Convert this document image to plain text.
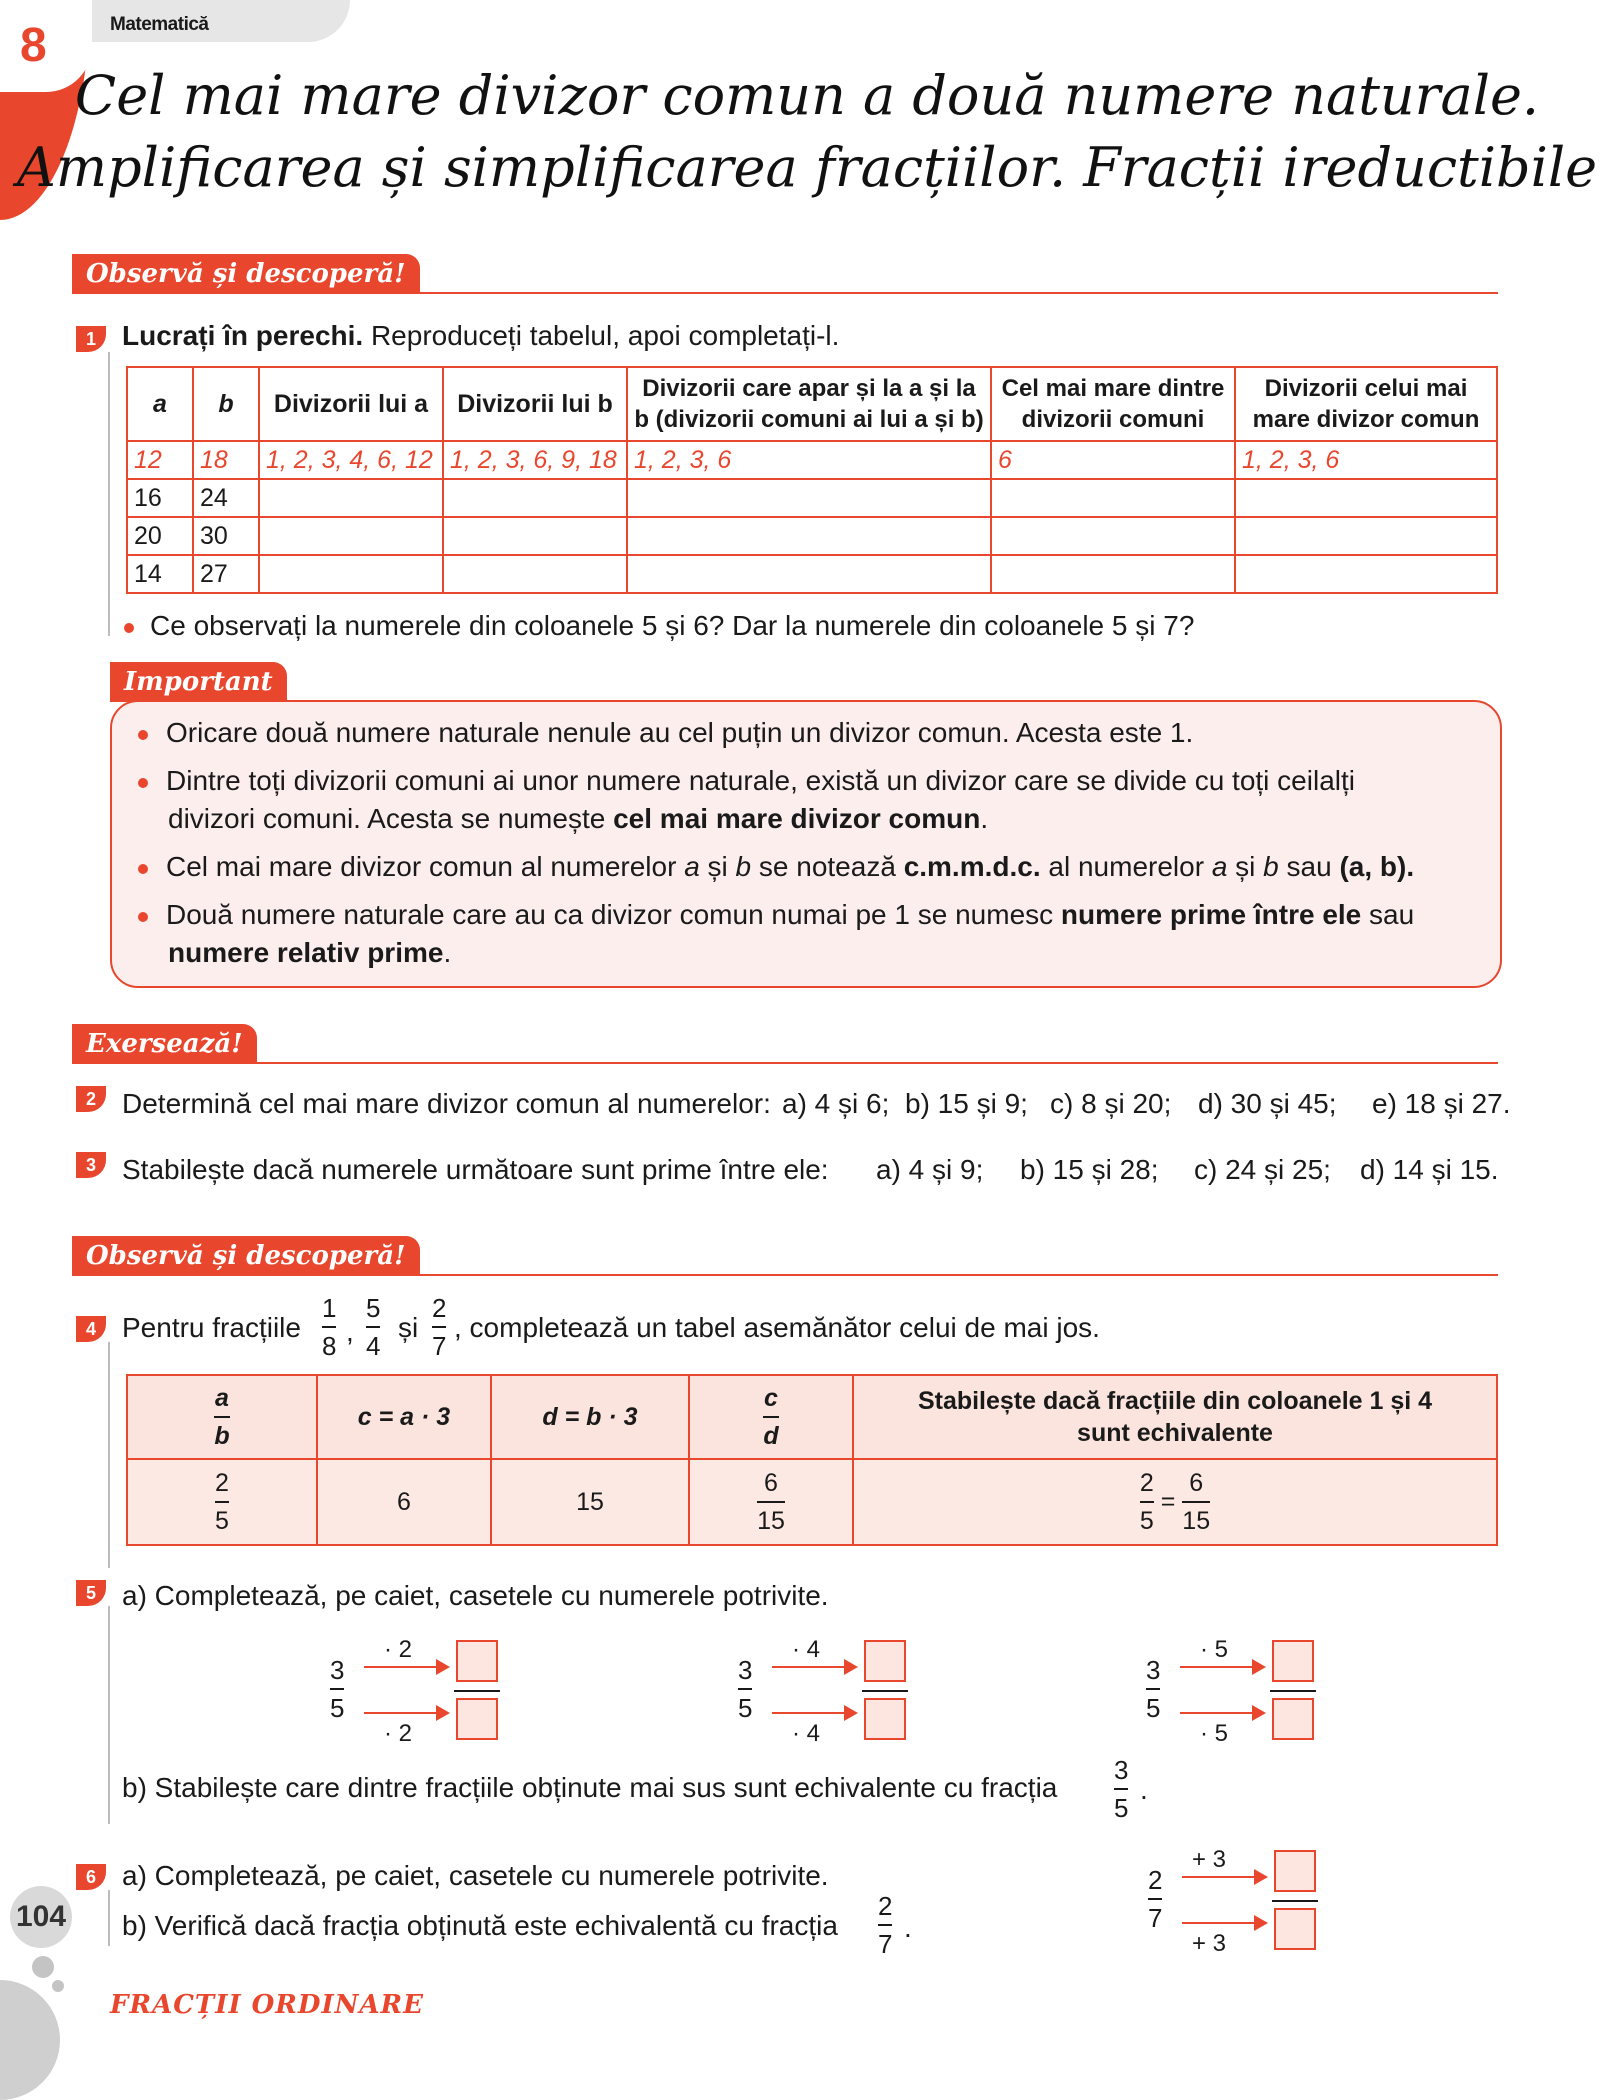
8	Matematică
Cel mai mare divizor comun a două numere naturale.
Amplificarea și simplificarea fracțiilor. Fracții ireductibile
Observă și descoperă!
1 Lucrați în perechi. Reproduceți tabelul, apoi completați-l.
a	b	Divizorii lui a	Divizorii lui b	Divizorii care apar și la a și la b (divizorii comuni ai lui a și b)	Cel mai mare dintre divizorii comuni	Divizorii celui mai mare divizor comun
12	18	1, 2, 3, 4, 6, 12	1, 2, 3, 6, 9, 18	1, 2, 3, 6	6	1, 2, 3, 6
16	24					
20	30					
14	27					
Ce observați la numerele din coloanele 5 și 6? Dar la numerele din coloanele 5 și 7?
Important
Oricare două numere naturale nenule au cel puțin un divizor comun. Acesta este 1.
Dintre toți divizorii comuni ai unor numere naturale, există un divizor care se divide cu toți ceilalți
divizori comuni. Acesta se numește cel mai mare divizor comun.
Cel mai mare divizor comun al numerelor a și b se notează c.m.m.d.c. al numerelor a și b sau (a, b).
Două numere naturale care au ca divizor comun numai pe 1 se numesc numere prime între ele sau
numere relativ prime.
Exersează!
2 Determină cel mai mare divizor comun al numerelor: a) 4 și 6; b) 15 și 9; c) 8 și 20; d) 30 și 45; e) 18 și 27.
3 Stabilește dacă numerele următoare sunt prime între ele: a) 4 și 9; b) 15 și 28; c) 24 și 25; d) 14 și 15.
Observă și descoperă!
4 Pentru fracțiile $\frac{1}{8}$ , $\frac{5}{4}$ și $\frac{2}{7}$ , completează un tabel asemănător celui de mai jos.
$\frac{a}{b}$	c = a · 3	d = b · 3	$\frac{c}{d}$	Stabilește dacă fracțiile din coloanele 1 și 4 sunt echivalente

$\frac{2}{5}$	6	15	$\frac{6}{15}$	$\frac{2}{5} = \frac{6}{15}$
5 a) Completează, pe caiet, casetele cu numerele potrivite.
$\frac{3}{5}$
· 2
· 2
$\frac{3}{5}$
· 4
· 4
$\frac{3}{5}$
· 5
· 5
b) Stabilește care dintre fracțiile obținute mai sus sunt echivalente cu fracția $\frac{3}{5}$ .
6 a) Completează, pe caiet, casetele cu numerele potrivite.
b) Verifică dacă fracția obținută este echivalentă cu fracția $\frac{2}{7}$ .	$\frac{2}{7}$
+ 3
+ 3
104
FRACȚII ORDINARE
